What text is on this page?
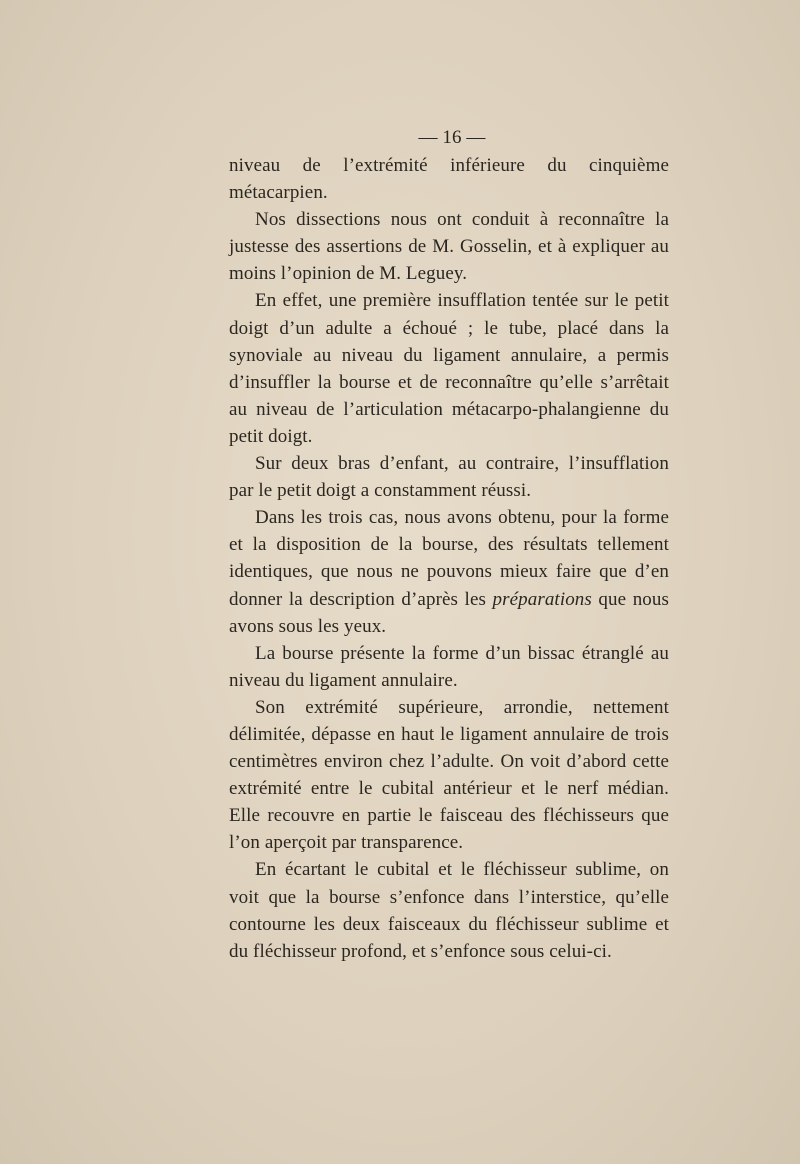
— 16 —

niveau de l’extrémité inférieure du cinquième métacarpien.

Nos dissections nous ont conduit à reconnaître la justesse des assertions de M. Gosselin, et à expliquer au moins l’opinion de M. Leguey.

En effet, une première insufflation tentée sur le petit doigt d’un adulte a échoué ; le tube, placé dans la synoviale au niveau du ligament annulaire, a permis d’insuffler la bourse et de reconnaître qu’elle s’arrêtait au niveau de l’articulation métacarpo-phalangienne du petit doigt.

Sur deux bras d’enfant, au contraire, l’insufflation par le petit doigt a constamment réussi.

Dans les trois cas, nous avons obtenu, pour la forme et la disposition de la bourse, des résultats tellement identiques, que nous ne pouvons mieux faire que d’en donner la description d’après les préparations que nous avons sous les yeux.

La bourse présente la forme d’un bissac étranglé au niveau du ligament annulaire.

Son extrémité supérieure, arrondie, nettement délimitée, dépasse en haut le ligament annulaire de trois centimètres environ chez l’adulte. On voit d’abord cette extrémité entre le cubital antérieur et le nerf médian. Elle recouvre en partie le faisceau des fléchisseurs que l’on aperçoit par transparence.

En écartant le cubital et le fléchisseur sublime, on voit que la bourse s’enfonce dans l’interstice, qu’elle contourne les deux faisceaux du fléchisseur sublime et du fléchisseur profond, et s’enfonce sous celui-ci.
